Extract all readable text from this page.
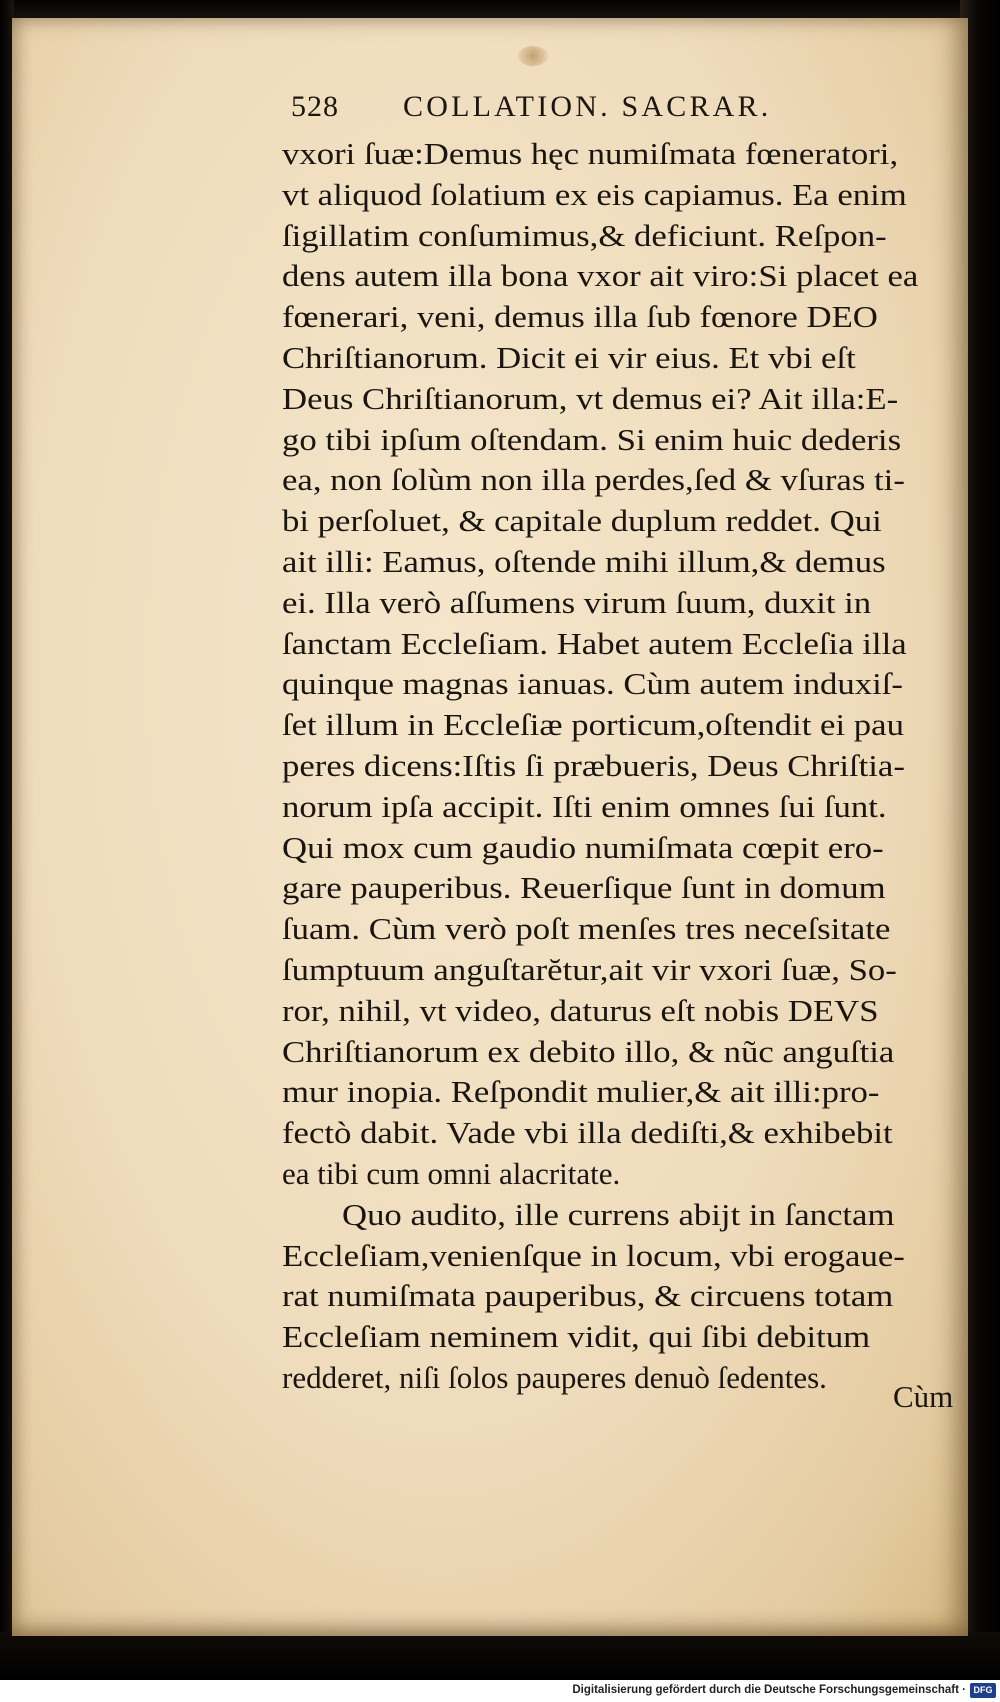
528 COLLATION. SACRAR.
vxori ſuæ:Demus hęc numiſmata fœneratori,
vt aliquod ſolatium ex eis capiamus. Ea enim
ſigillatim conſumimus,& deficiunt. Reſpon-
dens autem illa bona vxor ait viro:Si placet ea
fœnerari, veni, demus illa ſub fœnore DEO
Chriſtianorum. Dicit ei vir eius. Et vbi eſt
Deus Chriſtianorum, vt demus ei? Ait illa:E-
go tibi ipſum oſtendam. Si enim huic dederis
ea, non ſolùm non illa perdes,ſed & vſuras ti-
bi perſoluet, & capitale duplum reddet. Qui
ait illi: Eamus, oſtende mihi illum,& demus
ei. Illa verò aſſumens virum ſuum, duxit in
ſanctam Eccleſiam. Habet autem Eccleſia illa
quinque magnas ianuas. Cùm autem induxiſ-
ſet illum in Eccleſiæ porticum,oſtendit ei pau
peres dicens:Iſtis ſi præbueris, Deus Chriſtia-
norum ipſa accipit. Iſti enim omnes ſui ſunt.
Qui mox cum gaudio numiſmata cœpit ero-
gare pauperibus. Reuerſique ſunt in domum
ſuam. Cùm verò poſt menſes tres neceſsitate
ſumptuum anguſtarĕtur,ait vir vxori ſuæ, So-
ror, nihil, vt video, daturus eſt nobis DEVS
Chriſtianorum ex debito illo, & nũc anguſtia
mur inopia. Reſpondit mulier,& ait illi:pro-
fectò dabit. Vade vbi illa dediſti,& exhibebit
ea tibi cum omni alacritate.
Quo audito, ille currens abijt in ſanctam
Eccleſiam,venienſque in locum, vbi erogaue-
rat numiſmata pauperibus, & circuens totam
Eccleſiam neminem vidit, qui ſibi debitum
redderet, niſi ſolos pauperes denuò ſedentes.
Cùm
Digitalisierung gefördert durch die Deutsche Forschungsgemeinschaft · DFG
